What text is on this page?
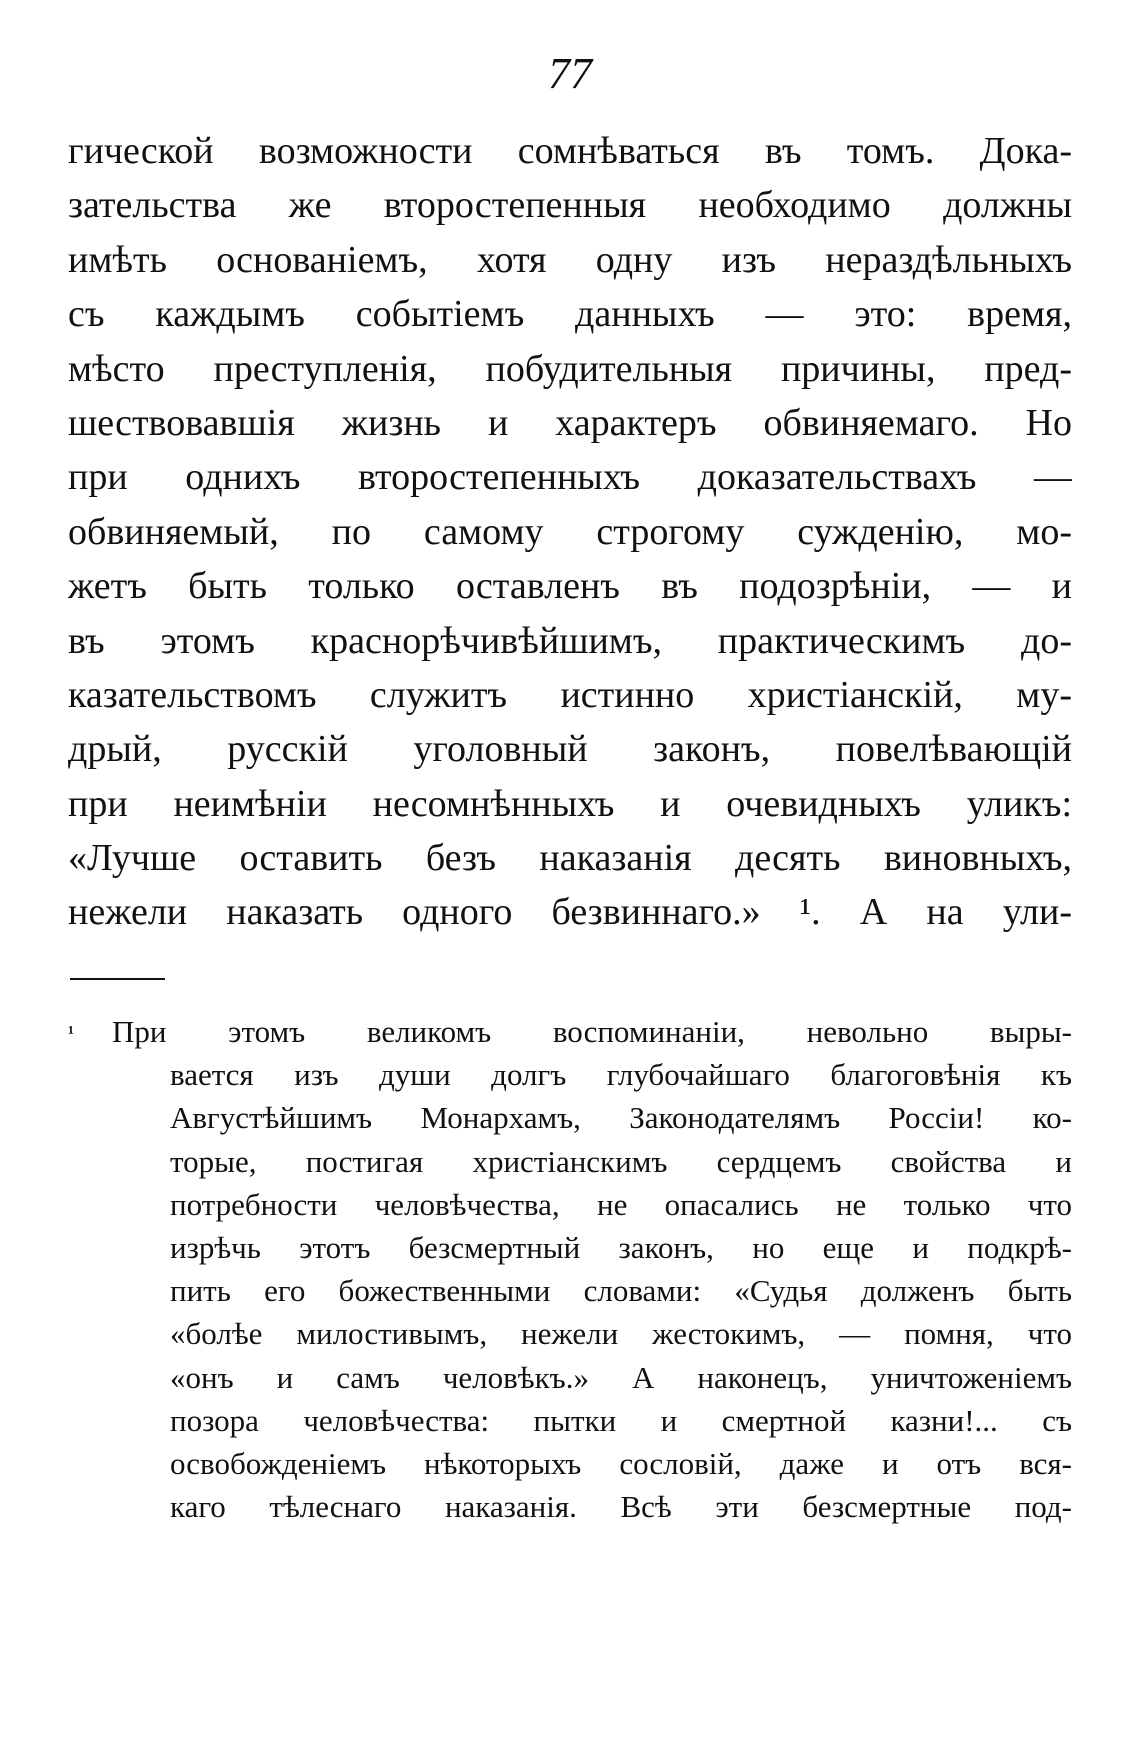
77
гической возможности сомнѣваться въ томъ. Дока-
зательства же второстепенныя необходимо должны
имѣть основаніемъ, хотя одну изъ нераздѣльныхъ
съ каждымъ событіемъ данныхъ — это: время,
мѣсто преступленія, побудительныя причины, пред-
шествовавшія жизнь и характеръ обвиняемаго. Но
при однихъ второстепенныхъ доказательствахъ —
обвиняемый, по самому строгому сужденію, мо-
жетъ быть только оставленъ въ подозрѣніи, — и
въ этомъ краснорѣчивѣйшимъ, практическимъ до-
казательствомъ служитъ истинно христіанскій, му-
дрый, русскій уголовный законъ, повелѣвающій
при неимѣніи несомнѣнныхъ и очевидныхъ уликъ:
«Лучше оставить безъ наказанія десять виновныхъ,
нежели наказать одного безвиннаго.» ¹. А на ули-
¹ При этомъ великомъ воспоминаніи, невольно выры-
вается изъ души долгъ глубочайшаго благоговѣнія къ
Августѣйшимъ Монархамъ, Законодателямъ Россіи! ко-
торые, постигая христіанскимъ сердцемъ свойства и
потребности человѣчества, не опасались не только что
изрѣчь этотъ безсмертный законъ, но еще и подкрѣ-
пить его божественными словами: «Судья долженъ быть
«болѣе милостивымъ, нежели жестокимъ, — помня, что
«онъ и самъ человѣкъ.» А наконецъ, уничтоженіемъ
позора человѣчества: пытки и смертной казни!... съ
освобожденіемъ нѣкоторыхъ сословій, даже и отъ вся-
каго тѣлеснаго наказанія. Всѣ эти безсмертные под-
